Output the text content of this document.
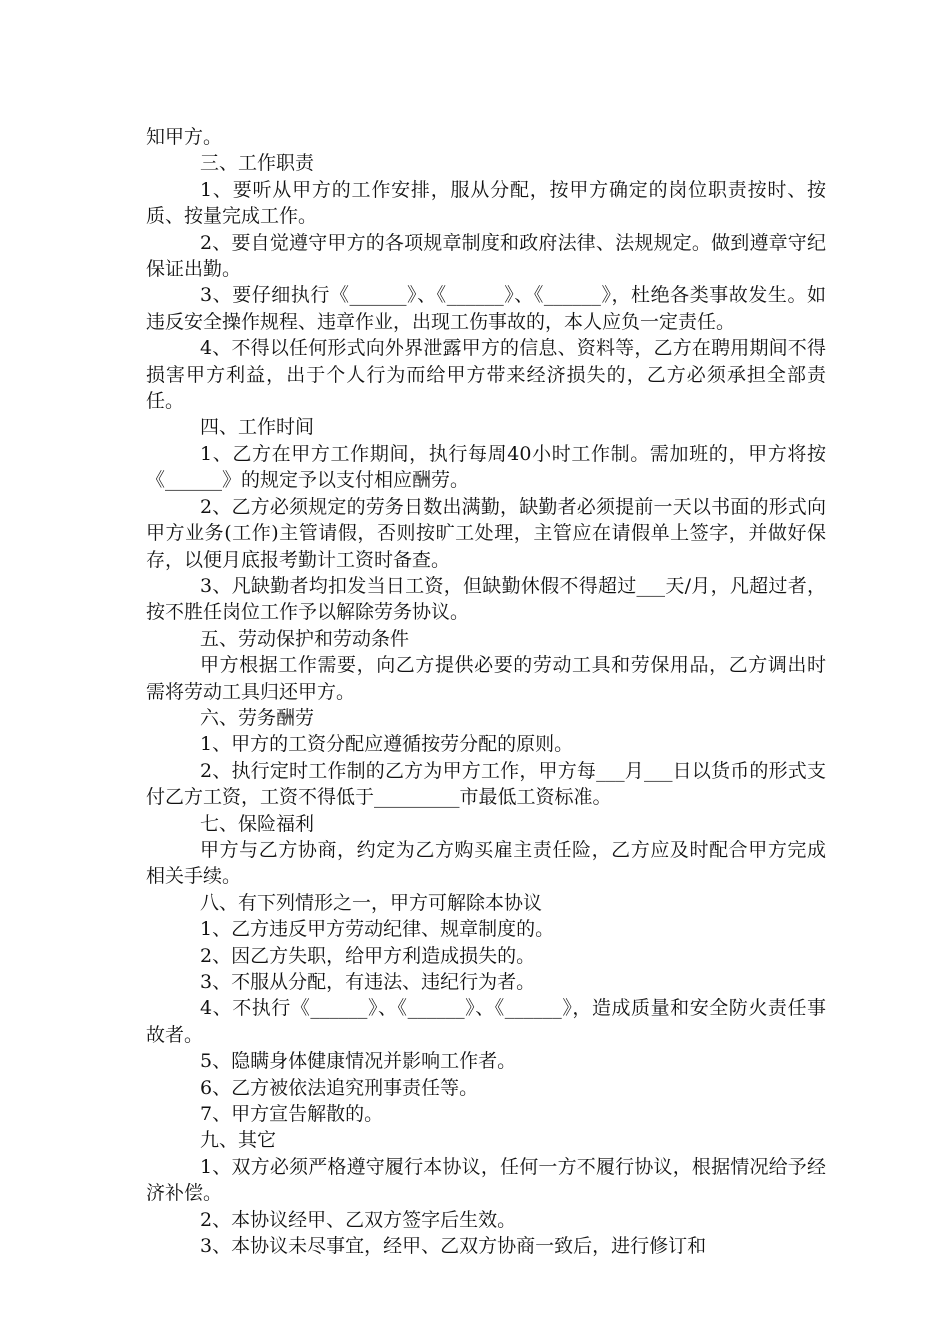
知甲方。

三、工作职责

1、要听从甲方的工作安排，服从分配，按甲方确定的岗位职责按时、按质、按量完成工作。

2、要自觉遵守甲方的各项规章制度和政府法律、法规规定。做到遵章守纪保证出勤。

3、要仔细执行《______》、《______》、《______》，杜绝各类事故发生。如违反安全操作规程、违章作业，出现工伤事故的，本人应负一定责任。

4、不得以任何形式向外界泄露甲方的信息、资料等，乙方在聘用期间不得损害甲方利益，出于个人行为而给甲方带来经济损失的，乙方必须承担全部责任。

四、工作时间

1、乙方在甲方工作期间，执行每周40小时工作制。需加班的，甲方将按《______》的规定予以支付相应酬劳。

2、乙方必须规定的劳务日数出满勤，缺勤者必须提前一天以书面的形式向甲方业务(工作)主管请假，否则按旷工处理，主管应在请假单上签字，并做好保存，以便月底报考勤计工资时备查。

3、凡缺勤者均扣发当日工资，但缺勤休假不得超过___天/月，凡超过者，按不胜任岗位工作予以解除劳务协议。

五、劳动保护和劳动条件

甲方根据工作需要，向乙方提供必要的劳动工具和劳保用品，乙方调出时需将劳动工具归还甲方。

六、劳务酬劳

1、甲方的工资分配应遵循按劳分配的原则。

2、执行定时工作制的乙方为甲方工作，甲方每___月___日以货币的形式支付乙方工资，工资不得低于_________市最低工资标准。

七、保险福利

甲方与乙方协商，约定为乙方购买雇主责任险，乙方应及时配合甲方完成相关手续。

八、有下列情形之一，甲方可解除本协议

1、乙方违反甲方劳动纪律、规章制度的。

2、因乙方失职，给甲方利造成损失的。

3、不服从分配，有违法、违纪行为者。

4、不执行《______》、《______》、《______》，造成质量和安全防火责任事故者。

5、隐瞒身体健康情况并影响工作者。

6、乙方被依法追究刑事责任等。

7、甲方宣告解散的。

九、其它

1、双方必须严格遵守履行本协议，任何一方不履行协议，根据情况给予经济补偿。

2、本协议经甲、乙双方签字后生效。

3、本协议未尽事宜，经甲、乙双方协商一致后，进行修订和
